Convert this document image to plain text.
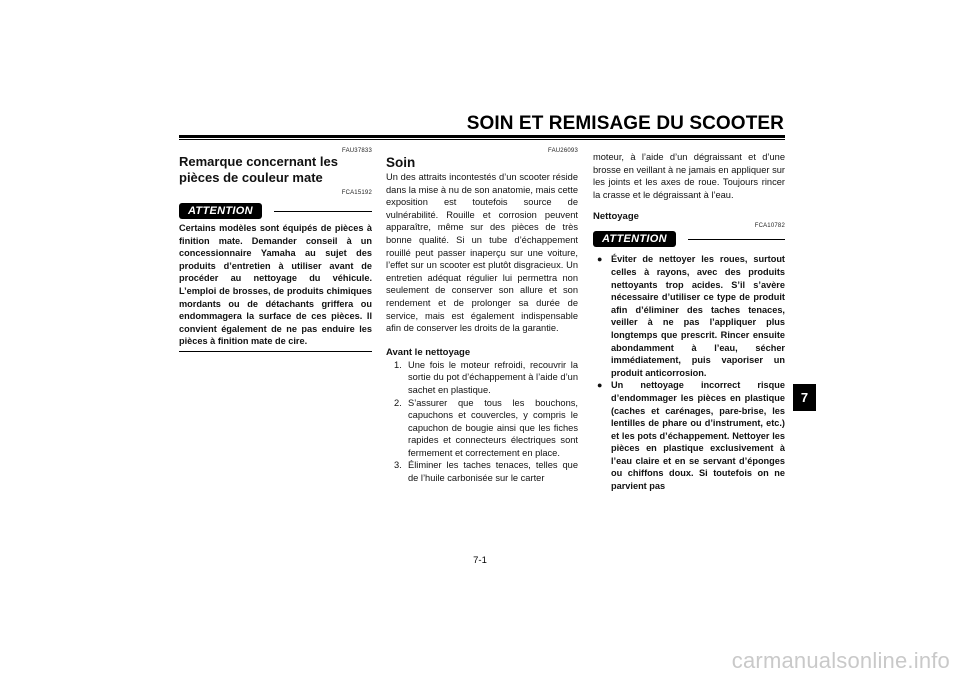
SOIN ET REMISAGE DU SCOOTER
FAU37833
Remarque concernant les pièces de couleur mate
FCA15192
ATTENTION

Certains modèles sont équipés de pièces à finition mate. Demander conseil à un concessionnaire Yamaha au sujet des produits d’entretien à utiliser avant de procéder au nettoyage du véhicule. L’emploi de brosses, de produits chimiques mordants ou de détachants griffera ou endommagera la surface de ces pièces. Il convient également de ne pas enduire les pièces à finition mate de cire.

FAU26093
Soin

Un des attraits incontestés d’un scooter réside dans la mise à nu de son anatomie, mais cette exposition est toutefois source de vulnérabilité. Rouille et corrosion peuvent apparaître, même sur des pièces de très bonne qualité. Si un tube d’échappement rouillé peut passer inaperçu sur une voiture, l’effet sur un scooter est plutôt disgracieux. Un entretien adéquat régulier lui permettra non seulement de conserver son allure et son rendement et de prolonger sa durée de service, mais est également indispensable afin de conserver les droits de la garantie.

Avant le nettoyage
1. Une fois le moteur refroidi, recouvrir la sortie du pot d’échappement à l’aide d’un sachet en plastique.
2. S’assurer que tous les bouchons, capuchons et couvercles, y compris le capuchon de bougie ainsi que les fiches rapides et connecteurs électriques sont fermement et correctement en place.
3. Éliminer les taches tenaces, telles que de l’huile carbonisée sur le carter

moteur, à l’aide d’un dégraissant et d’une brosse en veillant à ne jamais en appliquer sur les joints et les axes de roue. Toujours rincer la crasse et le dégraissant à l’eau.

Nettoyage
FCA10782
ATTENTION
● Éviter de nettoyer les roues, surtout celles à rayons, avec des produits nettoyants trop acides. S’il s’avère nécessaire d’utiliser ce type de produit afin d’éliminer des taches tenaces, veiller à ne pas l’appliquer plus longtemps que prescrit. Rincer ensuite abondamment à l’eau, sécher immédiatement, puis vaporiser un produit anticorrosion.
● Un nettoyage incorrect risque d’endommager les pièces en plastique (caches et carénages, pare-brise, les lentilles de phare ou d’instrument, etc.) et les pots d’échappement. Nettoyer les pièces en plastique exclusivement à l’eau claire et en se servant d’éponges ou chiffons doux. Si toutefois on ne parvient pas
7
7-1
carmanualsonline.info
